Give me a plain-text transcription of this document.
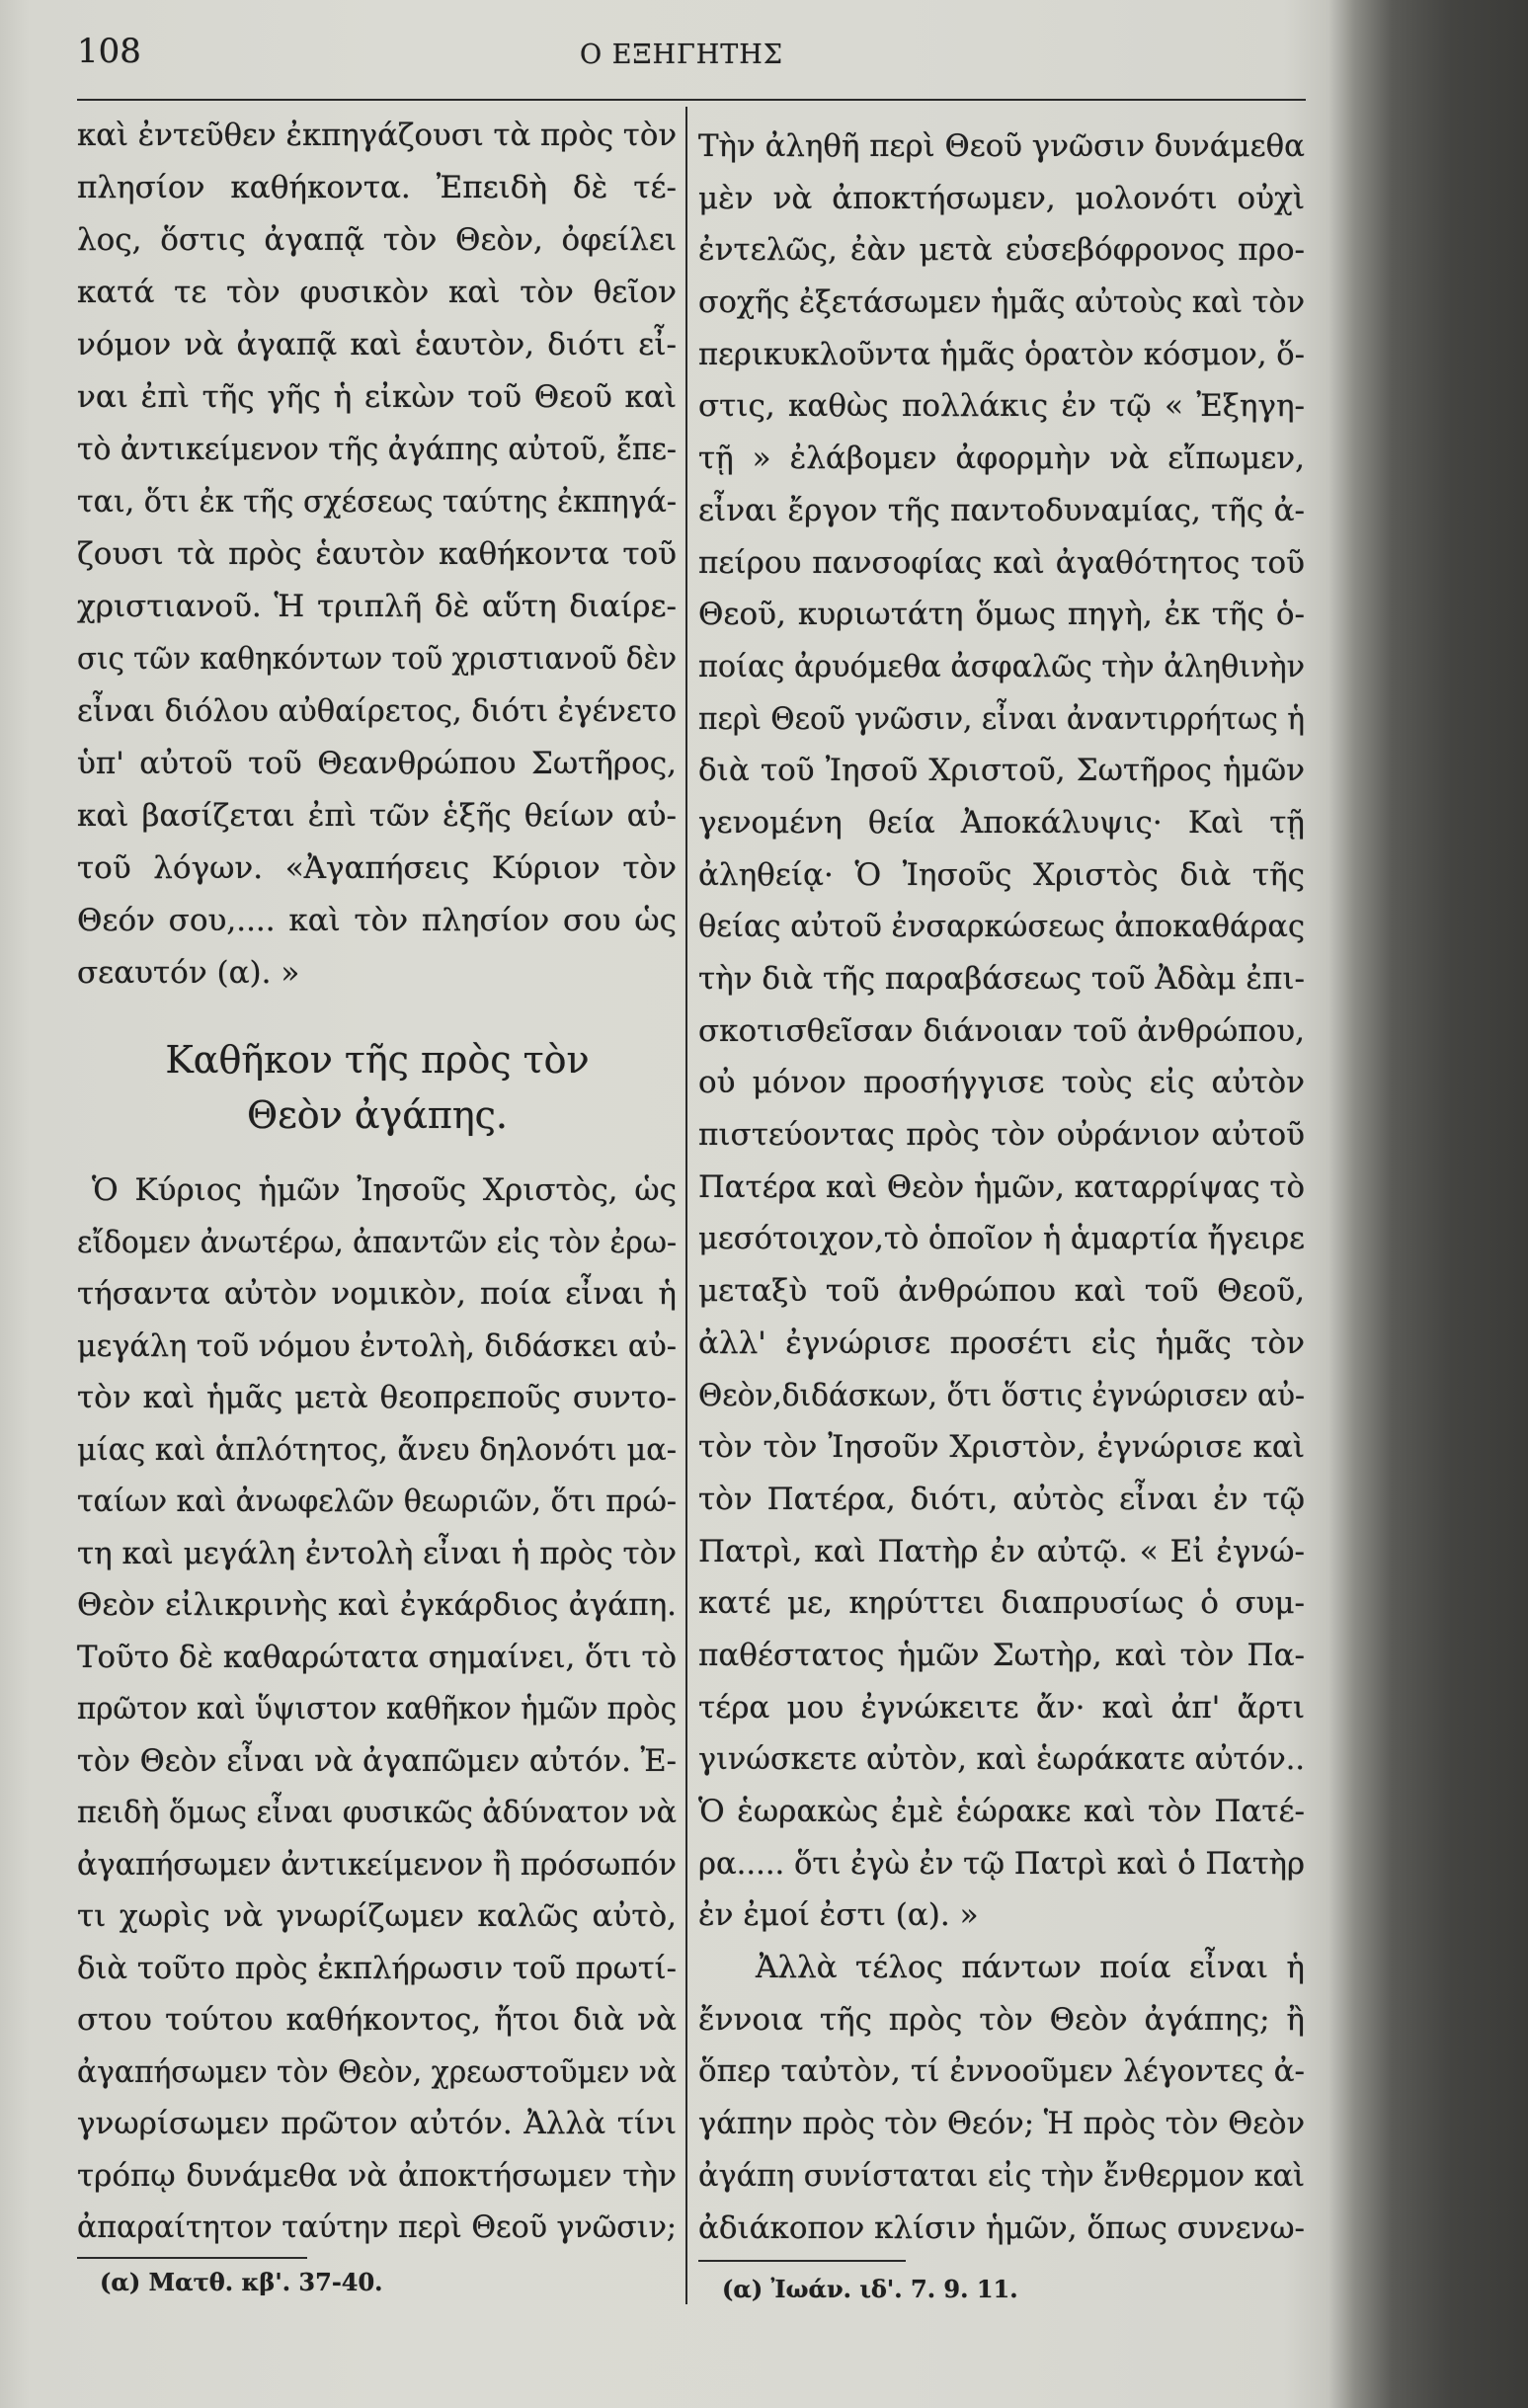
108	Ο ΕΞΗΓΗΤΗΣ
καὶ ἐντεῦθεν ἐκπηγάζουσι τὰ πρὸς τὸν
πλησίον καθήκοντα. Ἐπειδὴ δὲ τέ-
λος, ὅστις ἀγαπᾷ τὸν Θεὸν, ὀφείλει
κατά τε τὸν φυσικὸν καὶ τὸν θεῖον
νόμον νὰ ἀγαπᾷ καὶ ἑαυτὸν, διότι εἶ-
ναι ἐπὶ τῆς γῆς ἡ εἰκὼν τοῦ Θεοῦ καὶ
τὸ ἀντικείμενον τῆς ἀγάπης αὐτοῦ, ἔπε-
ται, ὅτι ἐκ τῆς σχέσεως ταύτης ἐκπηγά-
ζουσι τὰ πρὸς ἑαυτὸν καθήκοντα τοῦ
χριστιανοῦ. Ἡ τριπλῆ δὲ αὕτη διαίρε-
σις τῶν καθηκόντων τοῦ χριστιανοῦ δὲν
εἶναι διόλου αὐθαίρετος, διότι ἐγένετο
ὑπ' αὐτοῦ τοῦ Θεανθρώπου Σωτῆρος,
καὶ βασίζεται ἐπὶ τῶν ἑξῆς θείων αὐ-
τοῦ λόγων. «Ἀγαπήσεις Κύριον τὸν
Θεόν σου,.... καὶ τὸν πλησίον σου ὡς
σεαυτόν (α). »
Καθῆκον τῆς πρὸς τὸν
Θεὸν ἀγάπης.
Ὁ Κύριος ἡμῶν Ἰησοῦς Χριστὸς, ὡς
εἴδομεν ἀνωτέρω, ἀπαντῶν εἰς τὸν ἐρω-
τήσαντα αὐτὸν νομικὸν, ποία εἶναι ἡ
μεγάλη τοῦ νόμου ἐντολὴ, διδάσκει αὐ-
τὸν καὶ ἡμᾶς μετὰ θεοπρεποῦς συντο-
μίας καὶ ἁπλότητος, ἄνευ δηλονότι μα-
ταίων καὶ ἀνωφελῶν θεωριῶν, ὅτι πρώ-
τη καὶ μεγάλη ἐντολὴ εἶναι ἡ πρὸς τὸν
Θεὸν εἰλικρινὴς καὶ ἐγκάρδιος ἀγάπη.
Τοῦτο δὲ καθαρώτατα σημαίνει, ὅτι τὸ
πρῶτον καὶ ὕψιστον καθῆκον ἡμῶν πρὸς
τὸν Θεὸν εἶναι νὰ ἀγαπῶμεν αὐτόν. Ἐ-
πειδὴ ὅμως εἶναι φυσικῶς ἀδύνατον νὰ
ἀγαπήσωμεν ἀντικείμενον ἢ πρόσωπόν
τι χωρὶς νὰ γνωρίζωμεν καλῶς αὐτὸ,
διὰ τοῦτο πρὸς ἐκπλήρωσιν τοῦ πρωτί-
στου τούτου καθήκοντος, ἤτοι διὰ νὰ
ἀγαπήσωμεν τὸν Θεὸν, χρεωστοῦμεν νὰ
γνωρίσωμεν πρῶτον αὐτόν. Ἀλλὰ τίνι
τρόπῳ δυνάμεθα νὰ ἀποκτήσωμεν τὴν
ἀπαραίτητον ταύτην περὶ Θεοῦ γνῶσιν;
(α) Ματθ. κβ'. 37-40.
Τὴν ἀληθῆ περὶ Θεοῦ γνῶσιν δυνάμεθα
μὲν νὰ ἀποκτήσωμεν, μολονότι οὐχὶ
ἐντελῶς, ἐὰν μετὰ εὐσεβόφρονος προ-
σοχῆς ἐξετάσωμεν ἡμᾶς αὐτοὺς καὶ τὸν
περικυκλοῦντα ἡμᾶς ὁρατὸν κόσμον, ὅ-
στις, καθὼς πολλάκις ἐν τῷ « Ἐξηγη-
τῇ » ἐλάβομεν ἀφορμὴν νὰ εἴπωμεν,
εἶναι ἔργον τῆς παντοδυναμίας, τῆς ἀ-
πείρου πανσοφίας καὶ ἀγαθότητος τοῦ
Θεοῦ, κυριωτάτη ὅμως πηγὴ, ἐκ τῆς ὁ-
ποίας ἀρυόμεθα ἀσφαλῶς τὴν ἀληθινὴν
περὶ Θεοῦ γνῶσιν, εἶναι ἀναντιρρήτως ἡ
διὰ τοῦ Ἰησοῦ Χριστοῦ, Σωτῆρος ἡμῶν
γενομένη θεία Ἀποκάλυψις· Καὶ τῇ
ἀληθείᾳ· Ὁ Ἰησοῦς Χριστὸς διὰ τῆς
θείας αὐτοῦ ἐνσαρκώσεως ἀποκαθάρας
τὴν διὰ τῆς παραβάσεως τοῦ Ἀδὰμ ἐπι-
σκοτισθεῖσαν διάνοιαν τοῦ ἀνθρώπου,
οὐ μόνον προσήγγισε τοὺς εἰς αὐτὸν
πιστεύοντας πρὸς τὸν οὐράνιον αὐτοῦ
Πατέρα καὶ Θεὸν ἡμῶν, καταρρίψας τὸ
μεσότοιχον,τὸ ὁποῖον ἡ ἁμαρτία ἤγειρε
μεταξὺ τοῦ ἀνθρώπου καὶ τοῦ Θεοῦ,
ἀλλ' ἐγνώρισε προσέτι εἰς ἡμᾶς τὸν
Θεὸν,διδάσκων, ὅτι ὅστις ἐγνώρισεν αὐ-
τὸν τὸν Ἰησοῦν Χριστὸν, ἐγνώρισε καὶ
τὸν Πατέρα, διότι, αὐτὸς εἶναι ἐν τῷ
Πατρὶ, καὶ Πατὴρ ἐν αὐτῷ. « Εἰ ἐγνώ-
κατέ με, κηρύττει διαπρυσίως ὁ συμ-
παθέστατος ἡμῶν Σωτὴρ, καὶ τὸν Πα-
τέρα μου ἐγνώκειτε ἄν· καὶ ἀπ' ἄρτι
γινώσκετε αὐτὸν, καὶ ἑωράκατε αὐτόν..
Ὁ ἑωρακὼς ἐμὲ ἑώρακε καὶ τὸν Πατέ-
ρα..... ὅτι ἐγὼ ἐν τῷ Πατρὶ καὶ ὁ Πατὴρ
ἐν ἐμοί ἐστι (α). »
Ἀλλὰ τέλος πάντων ποία εἶναι ἡ
ἔννοια τῆς πρὸς τὸν Θεὸν ἀγάπης; ἢ
ὅπερ ταὐτὸν, τί ἐννοοῦμεν λέγοντες ἀ-
γάπην πρὸς τὸν Θεόν; Ἡ πρὸς τὸν Θεὸν
ἀγάπη συνίσταται εἰς τὴν ἔνθερμον καὶ
ἀδιάκοπον κλίσιν ἡμῶν, ὅπως συνενω-
(α) Ἰωάν. ιδ'. 7. 9. 11.
